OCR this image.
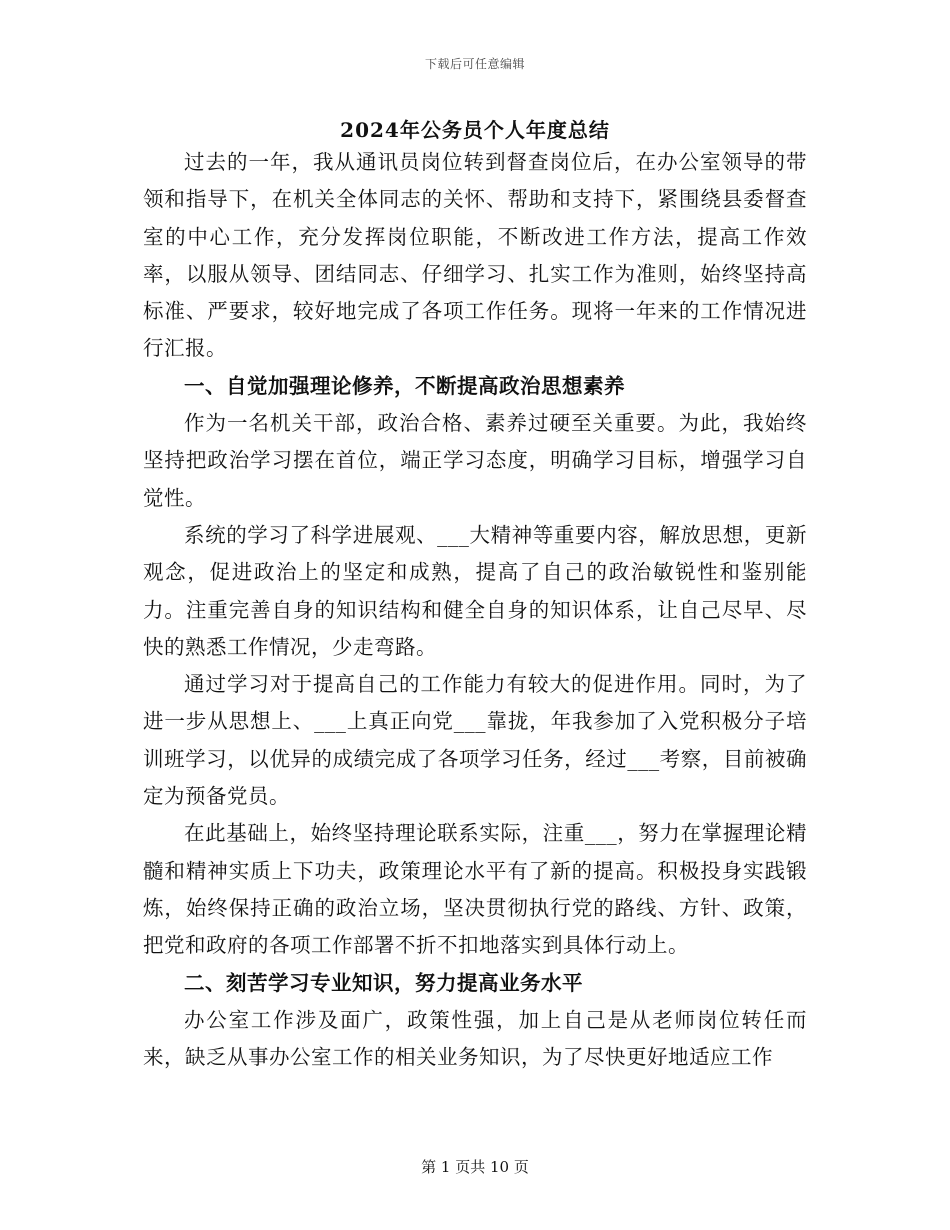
下载后可任意编辑
2024年公务员个人年度总结

过去的一年，我从通讯员岗位转到督查岗位后，在办公室领导的带领和指导下，在机关全体同志的关怀、帮助和支持下，紧围绕县委督查室的中心工作，充分发挥岗位职能，不断改进工作方法，提高工作效率，以服从领导、团结同志、仔细学习、扎实工作为准则，始终坚持高标准、严要求，较好地完成了各项工作任务。现将一年来的工作情况进行汇报。

一、自觉加强理论修养，不断提高政治思想素养

作为一名机关干部，政治合格、素养过硬至关重要。为此，我始终坚持把政治学习摆在首位，端正学习态度，明确学习目标，增强学习自觉性。

系统的学习了科学进展观、___大精神等重要内容，解放思想，更新观念，促进政治上的坚定和成熟，提高了自己的政治敏锐性和鉴别能力。注重完善自身的知识结构和健全自身的知识体系，让自己尽早、尽快的熟悉工作情况，少走弯路。

通过学习对于提高自己的工作能力有较大的促进作用。同时，为了进一步从思想上、___上真正向党___靠拢，年我参加了入党积极分子培训班学习，以优异的成绩完成了各项学习任务，经过___考察，目前被确定为预备党员。

在此基础上，始终坚持理论联系实际，注重___，努力在掌握理论精髓和精神实质上下功夫，政策理论水平有了新的提高。积极投身实践锻炼，始终保持正确的政治立场，坚决贯彻执行党的路线、方针、政策，把党和政府的各项工作部署不折不扣地落实到具体行动上。

二、刻苦学习专业知识，努力提高业务水平

办公室工作涉及面广，政策性强，加上自己是从老师岗位转任而来，缺乏从事办公室工作的相关业务知识，为了尽快更好地适应工作

第 1 页共 10 页
